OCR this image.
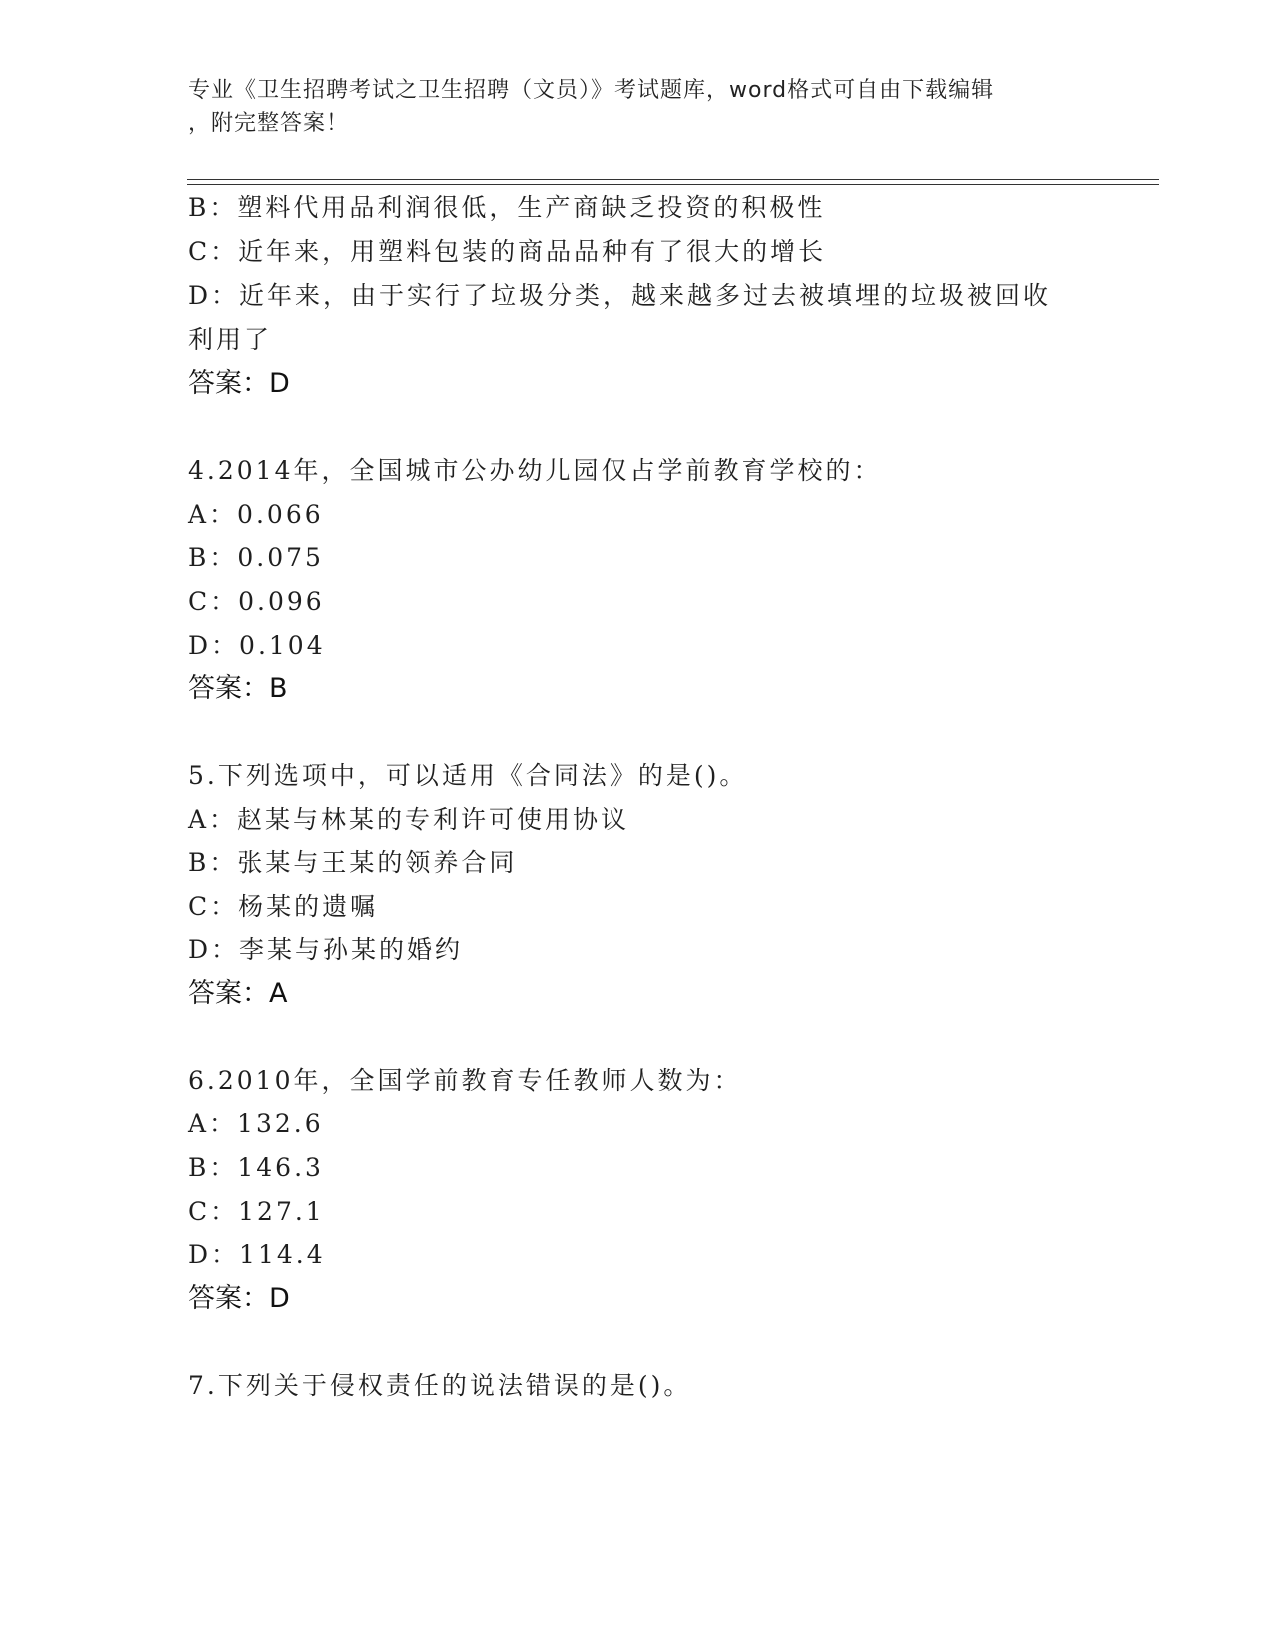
专业《卫生招聘考试之卫生招聘（文员）》考试题库，word格式可自由下载编辑
，附完整答案！
B：塑料代用品利润很低，生产商缺乏投资的积极性
C：近年来，用塑料包装的商品品种有了很大的增长
D：近年来，由于实行了垃圾分类，越来越多过去被填埋的垃圾被回收
利用了
答案：D
4.2014年，全国城市公办幼儿园仅占学前教育学校的：
A：0.066
B：0.075
C：0.096
D：0.104
答案：B
5.下列选项中，可以适用《合同法》的是()。
A：赵某与林某的专利许可使用协议
B：张某与王某的领养合同
C：杨某的遗嘱
D：李某与孙某的婚约
答案：A
6.2010年，全国学前教育专任教师人数为：
A：132.6
B：146.3
C：127.1
D：114.4
答案：D
7.下列关于侵权责任的说法错误的是()。
